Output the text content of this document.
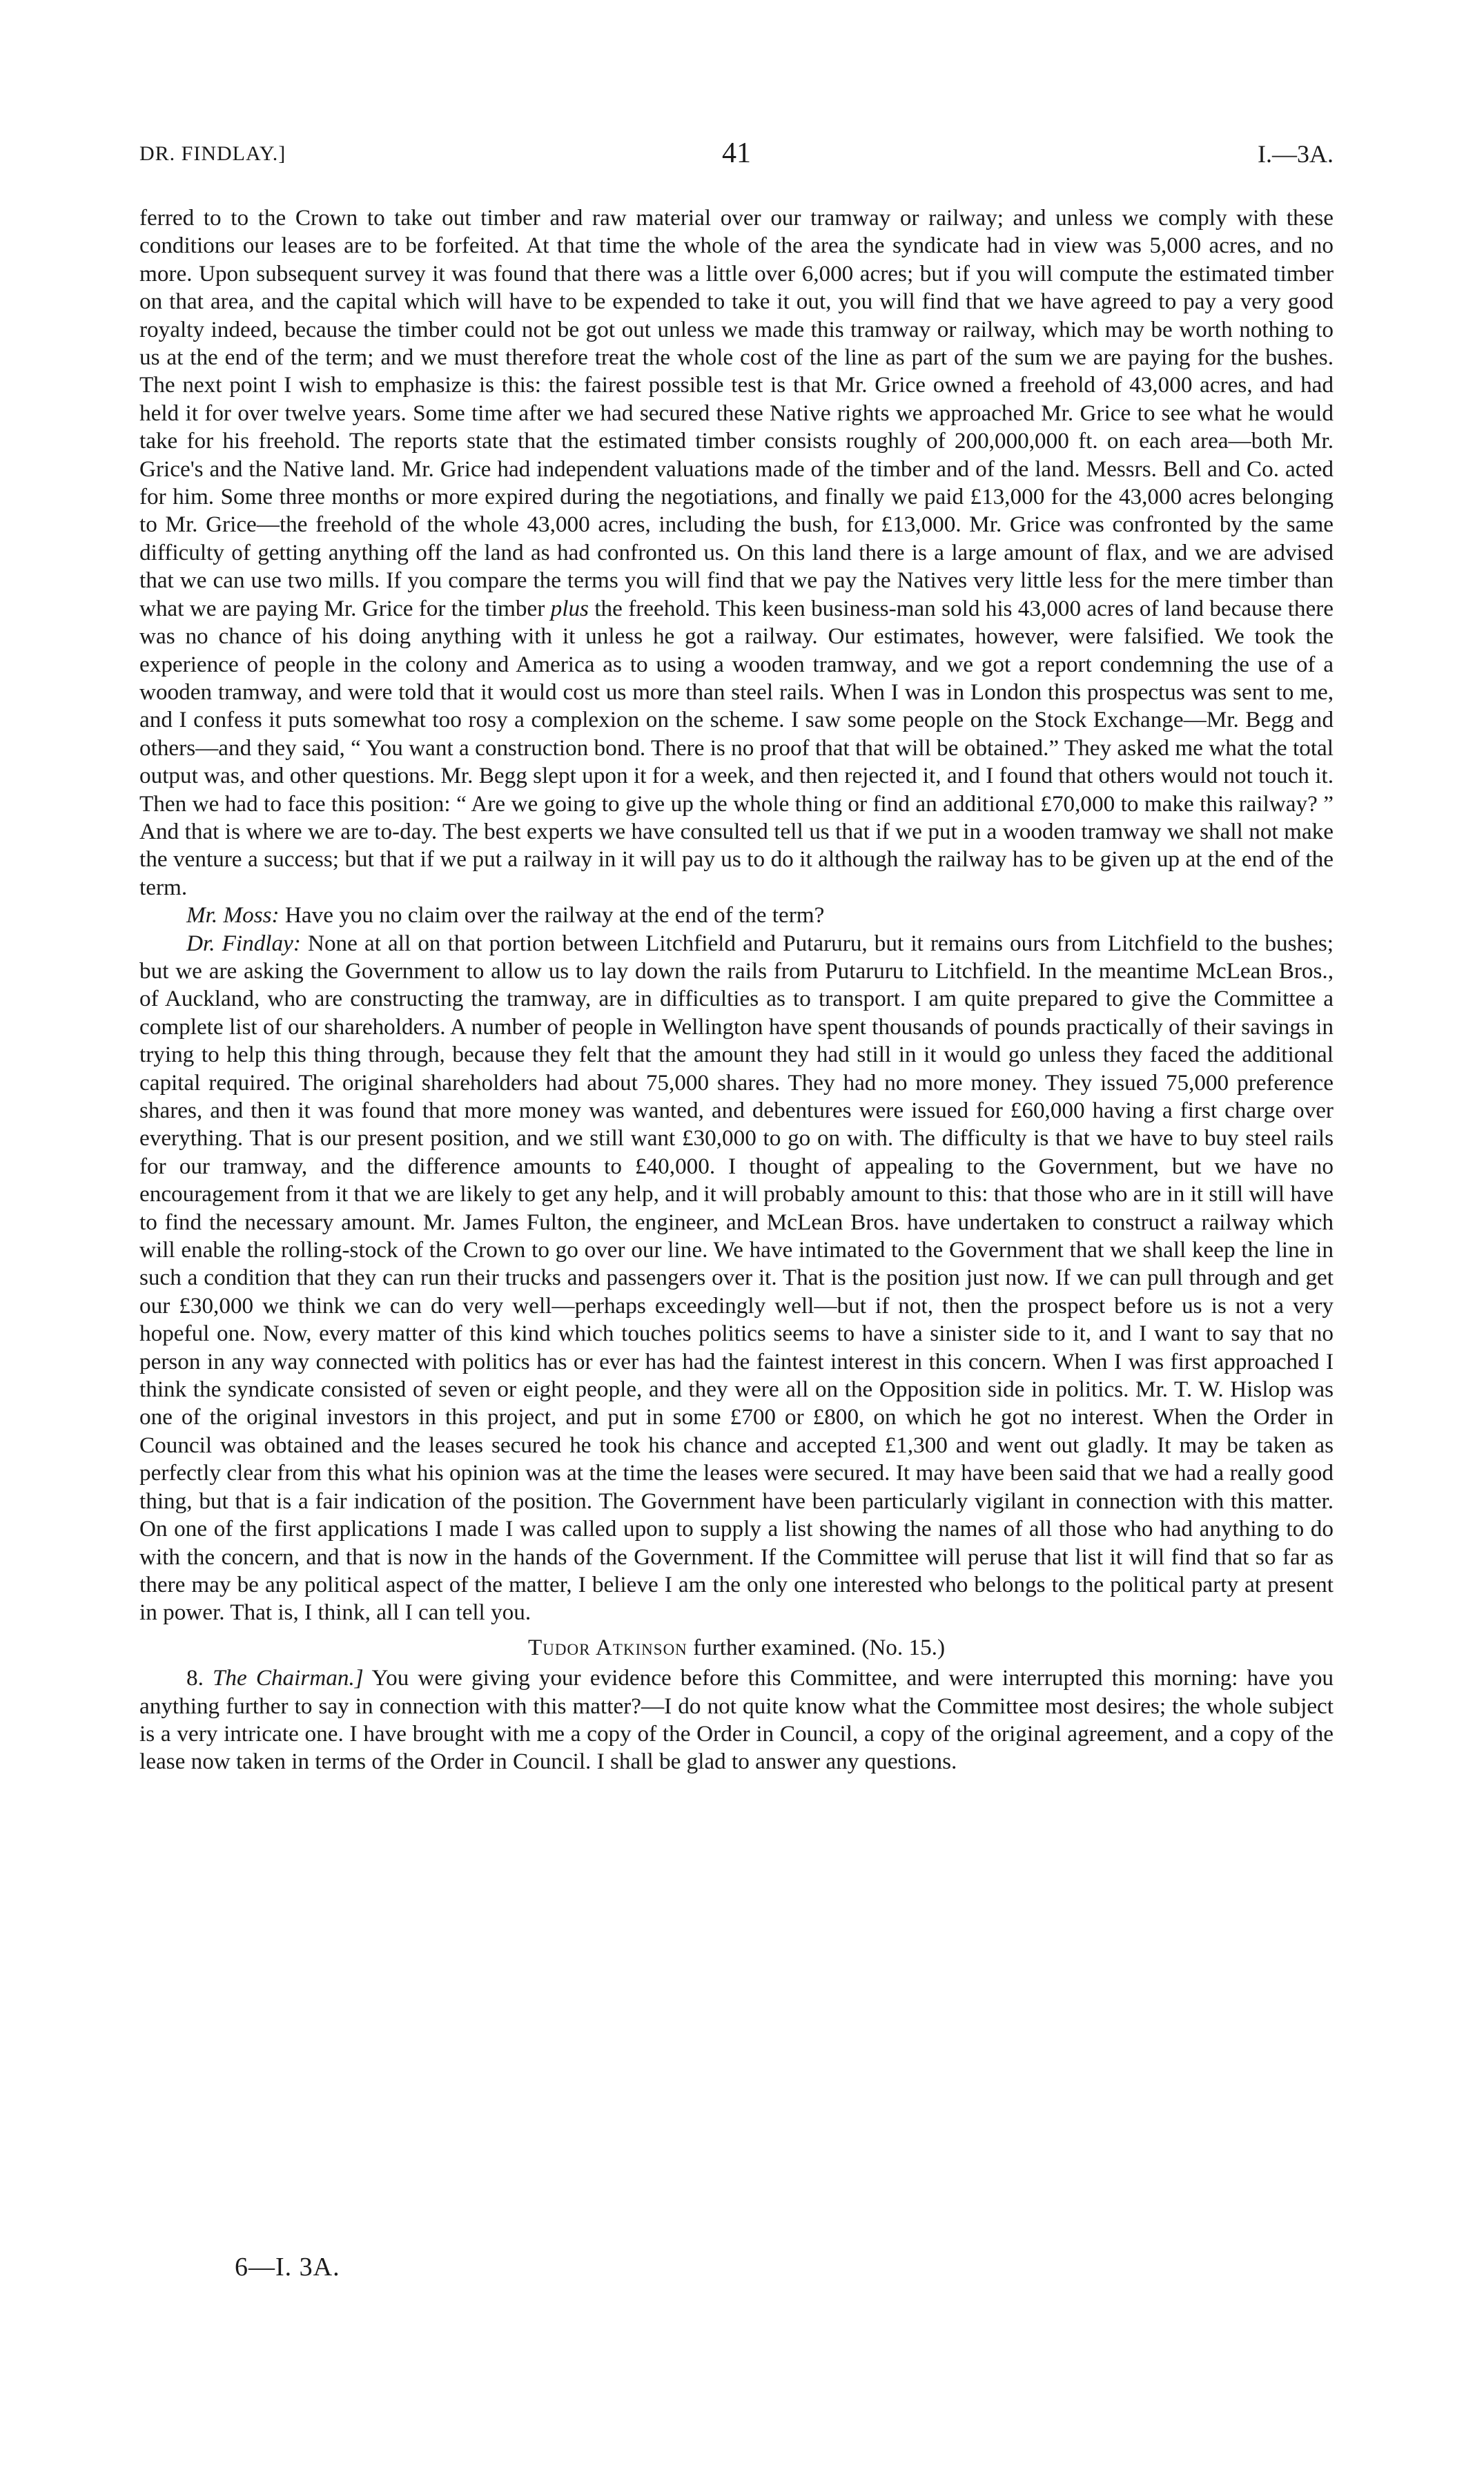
DR. FINDLAY.]	41	I.—3A.

ferred to to the Crown to take out timber and raw material over our tramway or railway; and unless we comply with these conditions our leases are to be forfeited. At that time the whole of the area the syndicate had in view was 5,000 acres, and no more. Upon subsequent survey it was found that there was a little over 6,000 acres; but if you will compute the estimated timber on that area, and the capital which will have to be expended to take it out, you will find that we have agreed to pay a very good royalty indeed, because the timber could not be got out unless we made this tramway or railway, which may be worth nothing to us at the end of the term; and we must therefore treat the whole cost of the line as part of the sum we are paying for the bushes. The next point I wish to emphasize is this: the fairest possible test is that Mr. Grice owned a freehold of 43,000 acres, and had held it for over twelve years. Some time after we had secured these Native rights we approached Mr. Grice to see what he would take for his freehold. The reports state that the estimated timber consists roughly of 200,000,000 ft. on each area—both Mr. Grice's and the Native land. Mr. Grice had independent valuations made of the timber and of the land. Messrs. Bell and Co. acted for him. Some three months or more expired during the negotiations, and finally we paid £13,000 for the 43,000 acres belonging to Mr. Grice—the freehold of the whole 43,000 acres, including the bush, for £13,000. Mr. Grice was confronted by the same difficulty of getting anything off the land as had confronted us. On this land there is a large amount of flax, and we are advised that we can use two mills. If you compare the terms you will find that we pay the Natives very little less for the mere timber than what we are paying Mr. Grice for the timber plus the freehold. This keen business-man sold his 43,000 acres of land because there was no chance of his doing anything with it unless he got a railway. Our estimates, however, were falsified. We took the experience of people in the colony and America as to using a wooden tramway, and we got a report condemning the use of a wooden tramway, and were told that it would cost us more than steel rails. When I was in London this prospectus was sent to me, and I confess it puts somewhat too rosy a complexion on the scheme. I saw some people on the Stock Exchange—Mr. Begg and others—and they said, “ You want a construction bond. There is no proof that that will be obtained.” They asked me what the total output was, and other questions. Mr. Begg slept upon it for a week, and then rejected it, and I found that others would not touch it. Then we had to face this position: “ Are we going to give up the whole thing or find an additional £70,000 to make this railway? ” And that is where we are to-day. The best experts we have consulted tell us that if we put in a wooden tramway we shall not make the venture a success; but that if we put a railway in it will pay us to do it although the railway has to be given up at the end of the term.

Mr. Moss: Have you no claim over the railway at the end of the term?

Dr. Findlay: None at all on that portion between Litchfield and Putaruru, but it remains ours from Litchfield to the bushes; but we are asking the Government to allow us to lay down the rails from Putaruru to Litchfield. In the meantime McLean Bros., of Auckland, who are constructing the tramway, are in difficulties as to transport. I am quite prepared to give the Committee a complete list of our shareholders. A number of people in Wellington have spent thousands of pounds practically of their savings in trying to help this thing through, because they felt that the amount they had still in it would go unless they faced the additional capital required. The original shareholders had about 75,000 shares. They had no more money. They issued 75,000 preference shares, and then it was found that more money was wanted, and debentures were issued for £60,000 having a first charge over everything. That is our present position, and we still want £30,000 to go on with. The difficulty is that we have to buy steel rails for our tramway, and the difference amounts to £40,000. I thought of appealing to the Government, but we have no encouragement from it that we are likely to get any help, and it will probably amount to this: that those who are in it still will have to find the necessary amount. Mr. James Fulton, the engineer, and McLean Bros. have undertaken to construct a railway which will enable the rolling-stock of the Crown to go over our line. We have intimated to the Government that we shall keep the line in such a condition that they can run their trucks and passengers over it. That is the position just now. If we can pull through and get our £30,000 we think we can do very well—perhaps exceedingly well—but if not, then the prospect before us is not a very hopeful one. Now, every matter of this kind which touches politics seems to have a sinister side to it, and I want to say that no person in any way connected with politics has or ever has had the faintest interest in this concern. When I was first approached I think the syndicate consisted of seven or eight people, and they were all on the Opposition side in politics. Mr. T. W. Hislop was one of the original investors in this project, and put in some £700 or £800, on which he got no interest. When the Order in Council was obtained and the leases secured he took his chance and accepted £1,300 and went out gladly. It may be taken as perfectly clear from this what his opinion was at the time the leases were secured. It may have been said that we had a really good thing, but that is a fair indication of the position. The Government have been particularly vigilant in connection with this matter. On one of the first applications I made I was called upon to supply a list showing the names of all those who had anything to do with the concern, and that is now in the hands of the Government. If the Committee will peruse that list it will find that so far as there may be any political aspect of the matter, I believe I am the only one interested who belongs to the political party at present in power. That is, I think, all I can tell you.

Tudor Atkinson further examined. (No. 15.)

8. The Chairman.] You were giving your evidence before this Committee, and were interrupted this morning: have you anything further to say in connection with this matter?—I do not quite know what the Committee most desires; the whole subject is a very intricate one. I have brought with me a copy of the Order in Council, a copy of the original agreement, and a copy of the lease now taken in terms of the Order in Council. I shall be glad to answer any questions.

6—I. 3A.
